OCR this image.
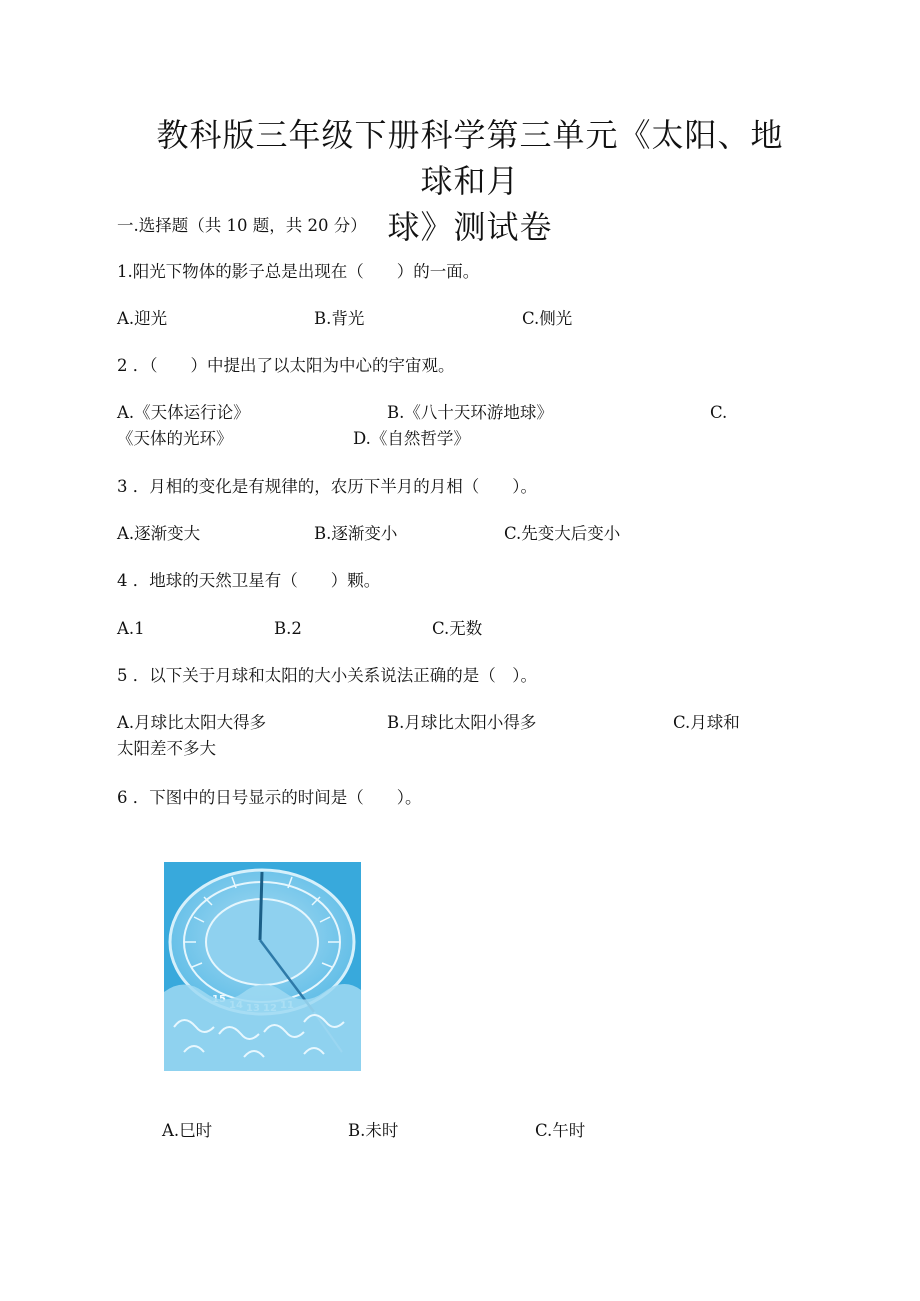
教科版三年级下册科学第三单元《太阳、地球和月
球》测试卷
一.选择题（共 10 题，共 20 分）
1.阳光下物体的影子总是出现在（　　）的一面。
A.迎光	B.背光	C.侧光
2 ．（　　）中提出了以太阳为中心的宇宙观。
A.《天体运行论》	B.《八十天环游地球》	C.
《天体的光环》	D.《自然哲学》
3 ．月相的变化是有规律的，农历下半月的月相（　　）。
A.逐渐变大	B.逐渐变小	C.先变大后变小
4 ．地球的天然卫星有（　　）颗。
A.1	B.2	C.无数
5 ．以下关于月球和太阳的大小关系说法正确的是（　）。
A.月球比太阳大得多	B.月球比太阳小得多	C.月球和
太阳差不多大
6 ．下图中的日号显示的时间是（　　）。
A.巳时	B.未时	C.午时
